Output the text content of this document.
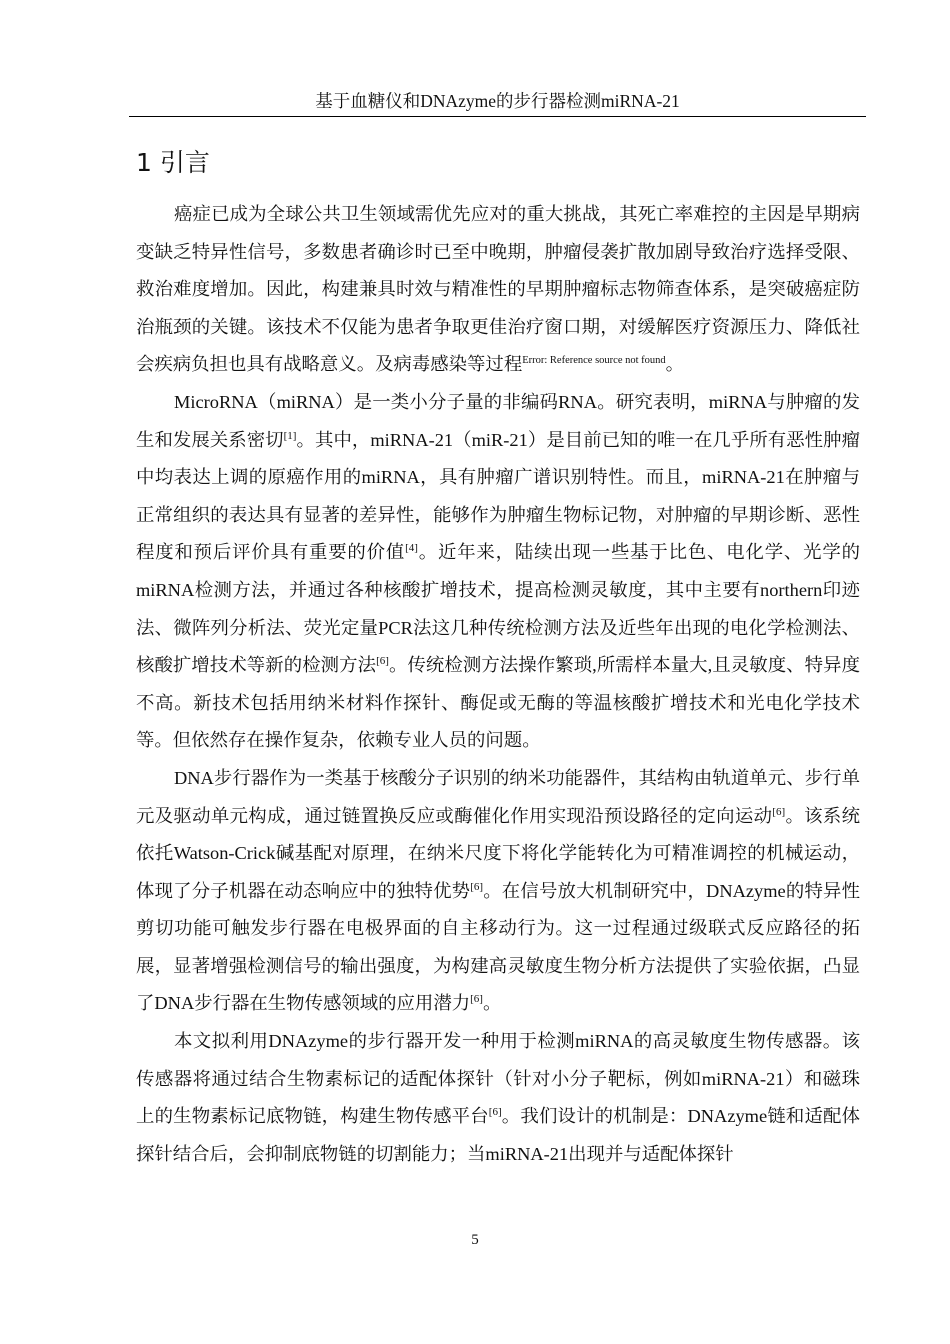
基于血糖仪和DNAzyme的步行器检测miRNA-21
1 引言

癌症已成为全球公共卫生领域需优先应对的重大挑战，其死亡率难控的主因是早期病变缺乏特异性信号，多数患者确诊时已至中晚期，肿瘤侵袭扩散加剧导致治疗选择受限、救治难度增加。因此，构建兼具时效与精准性的早期肿瘤标志物筛查体系，是突破癌症防治瓶颈的关键。该技术不仅能为患者争取更佳治疗窗口期，对缓解医疗资源压力、降低社会疾病负担也具有战略意义。及病毒感染等过程$^{Error: Reference source not found}$。

MicroRNA（miRNA）是一类小分子量的非编码RNA。研究表明，miRNA与肿瘤的发生和发展关系密切[1]。其中，miRNA-21（miR-21）是目前已知的唯一在几乎所有恶性肿瘤中均表达上调的原癌作用的miRNA，具有肿瘤广谱识别特性。而且，miRNA-21在肿瘤与正常组织的表达具有显著的差异性，能够作为肿瘤生物标记物，对肿瘤的早期诊断、恶性程度和预后评价具有重要的价值[4]。近年来，陆续出现一些基于比色、电化学、光学的miRNA检测方法，并通过各种核酸扩增技术，提高检测灵敏度，其中主要有northern印迹法、微阵列分析法、荧光定量PCR法这几种传统检测方法及近些年出现的电化学检测法、核酸扩增技术等新的检测方法[6]。传统检测方法操作繁琐,所需样本量大,且灵敏度、特异度不高。新技术包括用纳米材料作探针、酶促或无酶的等温核酸扩增技术和光电化学技术等。但依然存在操作复杂，依赖专业人员的问题。

DNA步行器作为一类基于核酸分子识别的纳米功能器件，其结构由轨道单元、步行单元及驱动单元构成，通过链置换反应或酶催化作用实现沿预设路径的定向运动[6]。该系统依托Watson-Crick碱基配对原理，在纳米尺度下将化学能转化为可精准调控的机械运动，体现了分子机器在动态响应中的独特优势[6]。在信号放大机制研究中，DNAzyme的特异性剪切功能可触发步行器在电极界面的自主移动行为。这一过程通过级联式反应路径的拓展，显著增强检测信号的输出强度，为构建高灵敏度生物分析方法提供了实验依据，凸显了DNA步行器在生物传感领域的应用潜力[6]。

本文拟利用DNAzyme的步行器开发一种用于检测miRNA的高灵敏度生物传感器。该传感器将通过结合生物素标记的适配体探针（针对小分子靶标，例如miRNA-21）和磁珠上的生物素标记底物链，构建生物传感平台[6]。我们设计的机制是：DNAzyme链和适配体探针结合后，会抑制底物链的切割能力；当miRNA-21出现并与适配体探针

5
